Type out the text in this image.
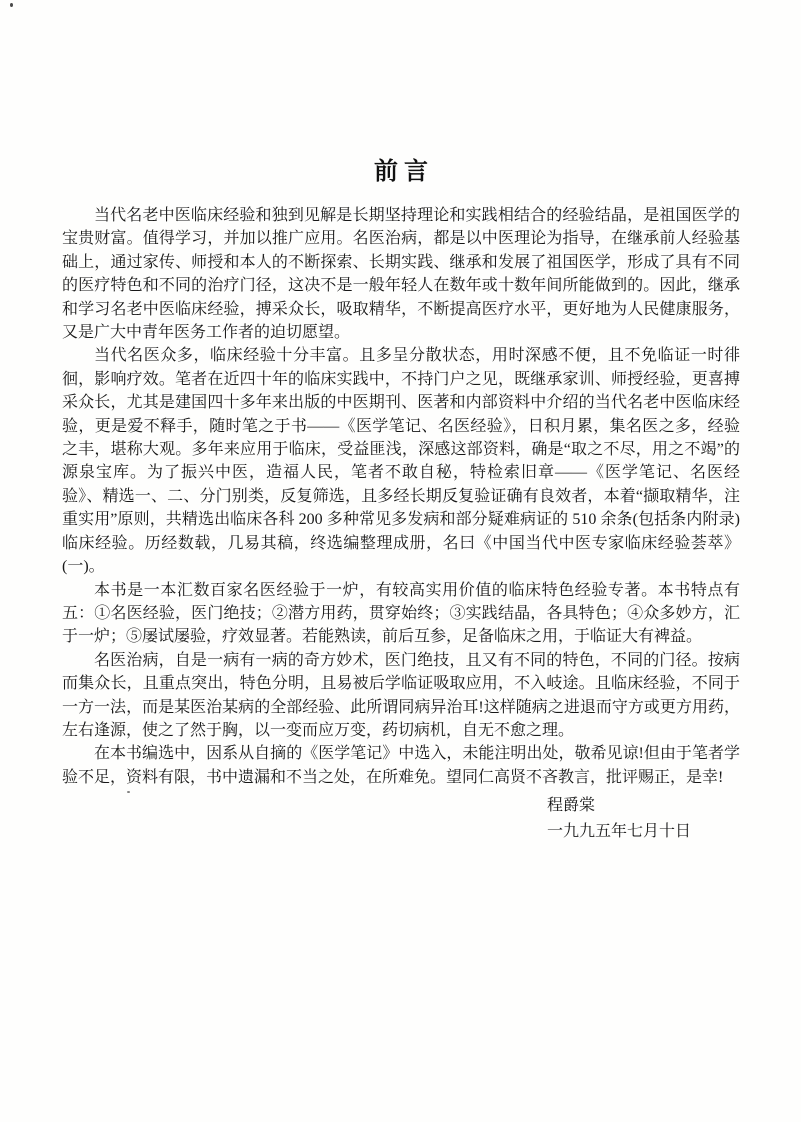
前 言

当代名老中医临床经验和独到见解是长期坚持理论和实践相结合的经验结晶，是祖国医学的宝贵财富。值得学习，并加以推广应用。名医治病，都是以中医理论为指导，在继承前人经验基础上，通过家传、师授和本人的不断探索、长期实践、继承和发展了祖国医学，形成了具有不同的医疗特色和不同的治疗门径，这决不是一般年轻人在数年或十数年间所能做到的。因此，继承和学习名老中医临床经验，搏采众长，吸取精华，不断提高医疗水平，更好地为人民健康服务，又是广大中青年医务工作者的迫切愿望。

当代名医众多，临床经验十分丰富。且多呈分散状态，用时深感不便，且不免临证一时徘徊，影响疗效。笔者在近四十年的临床实践中，不持门户之见，既继承家训、师授经验，更喜搏采众长，尤其是建国四十多年来出版的中医期刊、医著和内部资料中介绍的当代名老中医临床经验，更是爱不释手，随时笔之于书——《医学笔记、名医经验》，日积月累，集名医之多，经验之丰，堪称大观。多年来应用于临床，受益匪浅，深感这部资料，确是“取之不尽，用之不竭”的源泉宝库。为了振兴中医，造福人民，笔者不敢自秘，特检索旧章——《医学笔记、名医经验》、精选一、二、分门别类，反复筛选，且多经长期反复验证确有良效者，本着“撷取精华，注重实用”原则，共精选出临床各科 200 多种常见多发病和部分疑难病证的 510 余条(包括条内附录)临床经验。历经数载，几易其稿，终选编整理成册，名曰《中国当代中医专家临床经验荟萃》(一)。

本书是一本汇数百家名医经验于一炉，有较高实用价值的临床特色经验专著。本书特点有五：①名医经验，医门绝技；②潜方用药，贯穿始终；③实践结晶，各具特色；④众多妙方，汇于一炉；⑤屡试屡验，疗效显著。若能熟读，前后互参，足备临床之用，于临证大有裨益。

名医治病，自是一病有一病的奇方妙术，医门绝技，且又有不同的特色，不同的门径。按病而集众长，且重点突出，特色分明，且易被后学临证吸取应用，不入岐途。且临床经验，不同于一方一法，而是某医治某病的全部经验、此所谓同病异治耳!这样随病之进退而守方或更方用药，左右逢源，使之了然于胸，以一变而应万变，药切病机，自无不愈之理。

在本书编选中，因系从自摘的《医学笔记》中选入，未能注明出处，敬希见谅!但由于笔者学验不足，资料有限，书中遗漏和不当之处，在所难免。望同仁高贤不吝教言，批评赐正，是幸!

程爵棠
一九九五年七月十日
